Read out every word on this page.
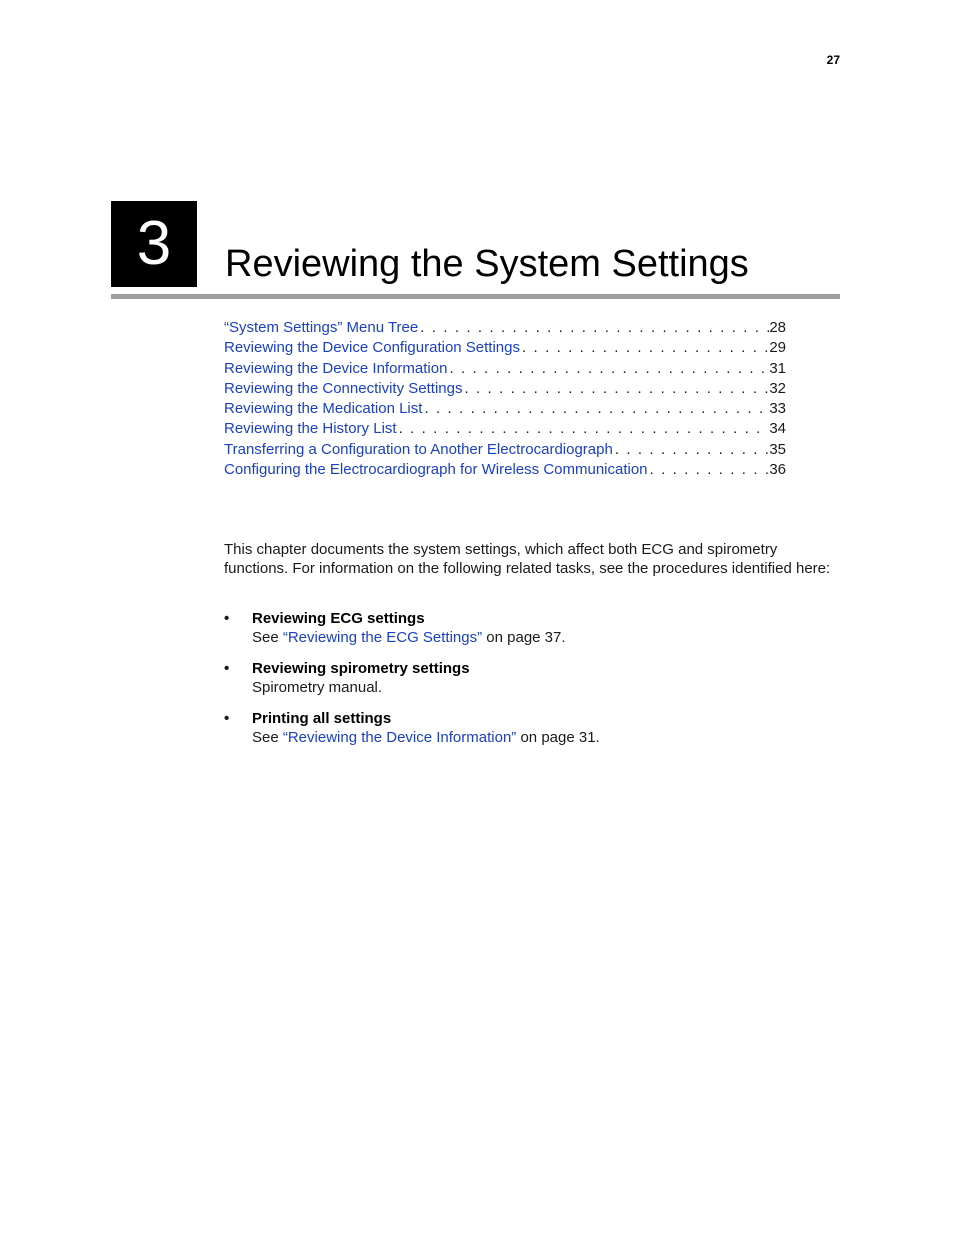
27
3	Reviewing the System Settings
“System Settings” Menu Tree . . .	28
Reviewing the Device Configuration Settings . . .	29
Reviewing the Device Information . . .	31
Reviewing the Connectivity Settings . . .	32
Reviewing the Medication List . . .	33
Reviewing the History List . . .	34
Transferring a Configuration to Another Electrocardiograph . . .	35
Configuring the Electrocardiograph for Wireless Communication . . .	36

This chapter documents the system settings, which affect both ECG and spirometry functions. For information on the following related tasks, see the procedures identified here:

• Reviewing ECG settings
See “Reviewing the ECG Settings” on page 37.
• Reviewing spirometry settings
Spirometry manual.
• Printing all settings
See “Reviewing the Device Information” on page 31.
